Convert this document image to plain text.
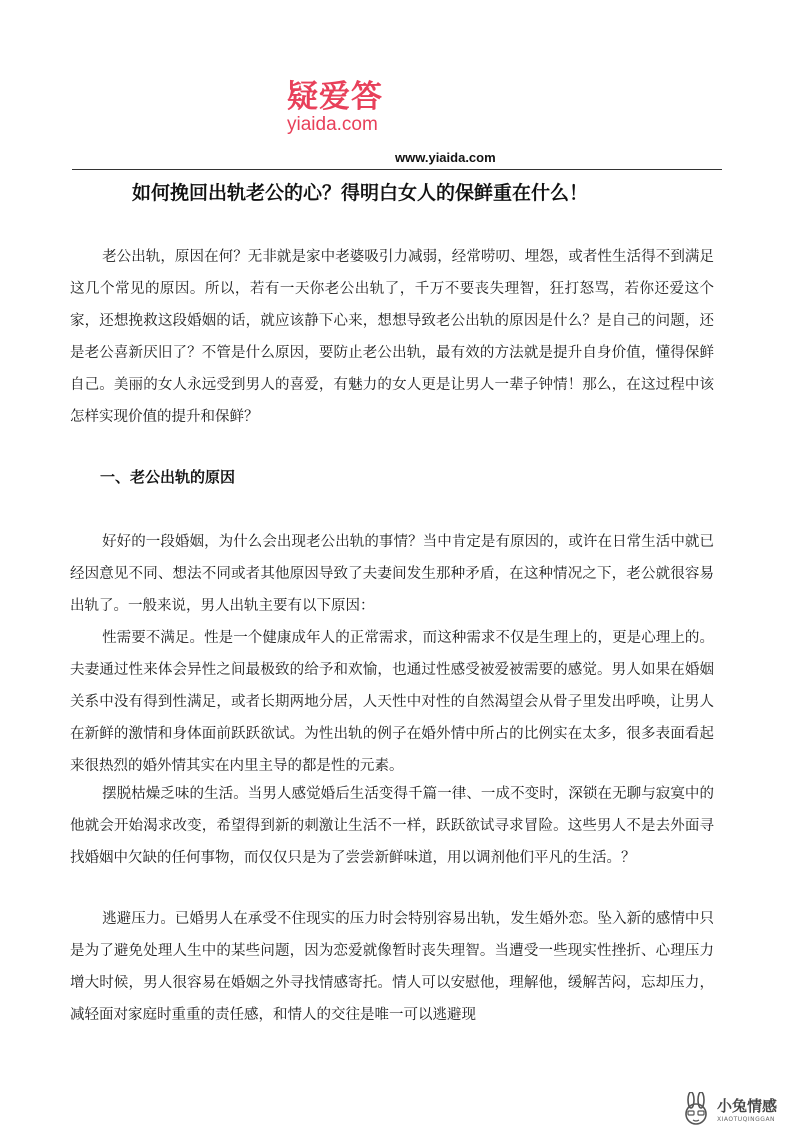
疑爱答
yiaida.com
www.yiaida.com
如何挽回出轨老公的心？得明白女人的保鲜重在什么！

老公出轨，原因在何？无非就是家中老婆吸引力减弱，经常唠叨、埋怨，或者性生活得不到满足这几个常见的原因。所以，若有一天你老公出轨了，千万不要丧失理智，狂打怒骂，若你还爱这个家，还想挽救这段婚姻的话，就应该静下心来，想想导致老公出轨的原因是什么？是自己的问题，还是老公喜新厌旧了？不管是什么原因，要防止老公出轨，最有效的方法就是提升自身价值，懂得保鲜自己。美丽的女人永远受到男人的喜爱，有魅力的女人更是让男人一辈子钟情！那么，在这过程中该怎样实现价值的提升和保鲜？

一、老公出轨的原因

好好的一段婚姻，为什么会出现老公出轨的事情？当中肯定是有原因的，或许在日常生活中就已经因意见不同、想法不同或者其他原因导致了夫妻间发生那种矛盾，在这种情况之下，老公就很容易出轨了。一般来说，男人出轨主要有以下原因：

性需要不满足。性是一个健康成年人的正常需求，而这种需求不仅是生理上的，更是心理上的。夫妻通过性来体会异性之间最极致的给予和欢愉，也通过性感受被爱被需要的感觉。男人如果在婚姻关系中没有得到性满足，或者长期两地分居，人天性中对性的自然渴望会从骨子里发出呼唤，让男人在新鲜的激情和身体面前跃跃欲试。为性出轨的例子在婚外情中所占的比例实在太多，很多表面看起来很热烈的婚外情其实在内里主导的都是性的元素。

摆脱枯燥乏味的生活。当男人感觉婚后生活变得千篇一律、一成不变时，深锁在无聊与寂寞中的他就会开始渴求改变，希望得到新的刺激让生活不一样，跃跃欲试寻求冒险。这些男人不是去外面寻找婚姻中欠缺的任何事物，而仅仅只是为了尝尝新鲜味道，用以调剂他们平凡的生活。？

逃避压力。已婚男人在承受不住现实的压力时会特别容易出轨，发生婚外恋。坠入新的感情中只是为了避免处理人生中的某些问题，因为恋爱就像暂时丧失理智。当遭受一些现实性挫折、心理压力增大时候，男人很容易在婚姻之外寻找情感寄托。情人可以安慰他，理解他，缓解苦闷，忘却压力，减轻面对家庭时重重的责任感，和情人的交往是唯一可以逃避现

小兔情感
XIAOTUQINGGAN
